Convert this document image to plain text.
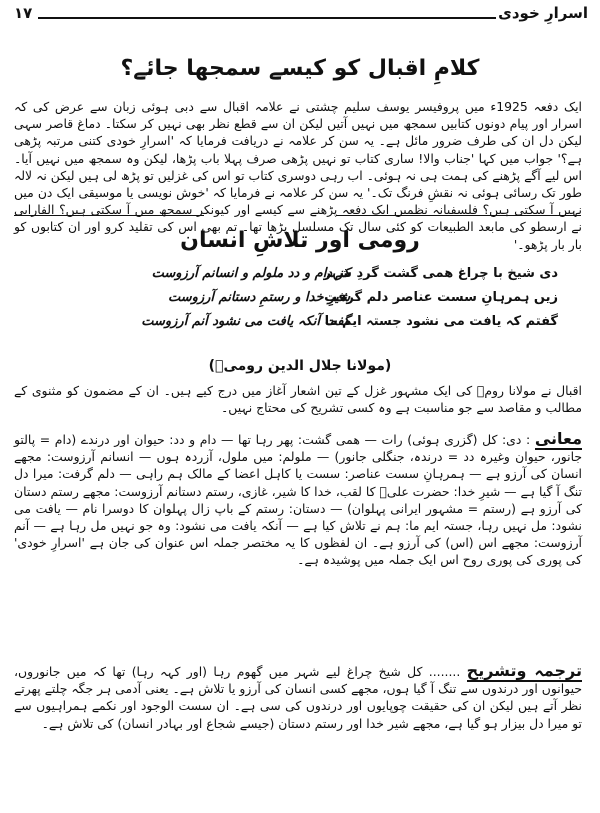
١٧	اسرارِ خودی
کلامِ اقبال کو کیسے سمجھا جائے؟
ایک دفعہ 1925ء میں پروفیسر یوسف سلیم چشتی نے علامہ اقبال سے دبی ہوئی زبان سے عرض کی کہ اسرار اور پیام دونوں کتابیں سمجھ میں نہیں آتیں لیکن ان سے قطع نظر بھی نہیں کر سکتا۔ دماغ قاصر سہی لیکن دل ان کی طرف ضرور مائل ہے۔ یہ سن کر علامہ نے دریافت فرمایا کہ 'اسرارِ خودی کتنی مرتبہ پڑھی ہے؟' جواب میں کہا 'جناب والا! ساری کتاب تو نہیں پڑھی صرف پہلا باب پڑھا، لیکن وہ سمجھ میں نہیں آیا۔ اس لیے آگے پڑھنے کی ہمت ہی نہ ہوئی۔ اب رہی دوسری کتاب تو اس کی غزلیں تو پڑھ لی ہیں لیکن نہ لالہ طور تک رسائی ہوئی نہ نقشِ فرنگ تک۔' یہ سن کر علامہ نے فرمایا کہ 'خوش نویسی یا موسیقی ایک دن میں نہیں آ سکتی ہیں؟ فلسفیانہ نظمیں ایک دفعہ پڑھنے سے کیسے اور کیونکر سمجھ میں آ سکتی ہیں؟ الفارابی نے ارسطو کی مابعد الطبیعات کو کئی سال تک مسلسل پڑھا تھا۔ تم بھی اس کی تقلید کرو اور ان کتابوں کو بار بار پڑھو۔'
رومی اور تلاشِ انسان
دی شیخ با چراغ همی گشت گردِ شہر
زیں ہمرہانِ سست عناصر دلم گرفت
گفتم کہ یافت می نشود جستہ ایم ما
کز دام و دد ملولم و انسانم آرزوست
شیرِ خدا و رستمِ دستانم آرزوست
گفت آنکہ یافت می نشود آنم آرزوست
(مولانا جلال الدین رومیؒ)
اقبال نے مولانا رومؒ کی ایک مشہور غزل کے تین اشعار آغاز میں درج کیے ہیں۔ ان کے مضمون کو مثنوی کے مطالب و مقاصد سے جو مناسبت ہے وہ کسی تشریح کی محتاج نہیں۔
معانی : دی: کل (گزری ہوئی) رات — همی گشت: پھر رہا تھا — دام و دد: حیوان اور درندے (دام = پالتو جانور، حیوان وغیرہ دد = درندہ، جنگلی جانور) — ملولم: میں ملول، آزردہ ہوں — انسانم آرزوست: مجھے انسان کی آرزو ہے — ہمرہانِ سست عناصر: سست یا کاہل اعضا کے مالک ہم راہی — دلم گرفت: میرا دل تنگ آ گیا ہے — شیرِ خدا: حضرت علیؓ کا لقب، خدا کا شیر، غازی، رستم دستانم آرزوست: مجھے رستم دستان کی آرزو ہے (رستم = مشہور ایرانی پہلوان) — دستان: رستم کے باپ زال پہلوان کا دوسرا نام — یافت می نشود: مل نہیں رہا، جستہ ایم ما: ہم نے تلاش کیا ہے — آنکہ یافت می نشود: وہ جو نہیں مل رہا ہے — آنم آرزوست: مجھے اس (اس) کی آرزو ہے۔ ان لفظوں کا یہ مختصر جملہ اس عنوان کی جان ہے 'اسرارِ خودی' کی پوری کی پوری روح اس ایک جملہ میں پوشیدہ ہے۔
ترجمہ وتشریح ........ کل شیخ چراغ لیے شہر میں گھوم رہا (اور کہہ رہا) تھا کہ میں جانوروں، حیوانوں اور درندوں سے تنگ آ گیا ہوں، مجھے کسی انسان کی آرزو یا تلاش ہے۔ یعنی آدمی ہر جگہ چلتے پھرتے نظر آتے ہیں لیکن ان کی حقیقت چوپایوں اور درندوں کی سی ہے۔ ان سست الوجود اور نکمے ہمراہیوں سے تو میرا دل بیزار ہو گیا ہے، مجھے شیر خدا اور رستم دستان (جیسے شجاع اور بہادر انسان) کی تلاش ہے۔
